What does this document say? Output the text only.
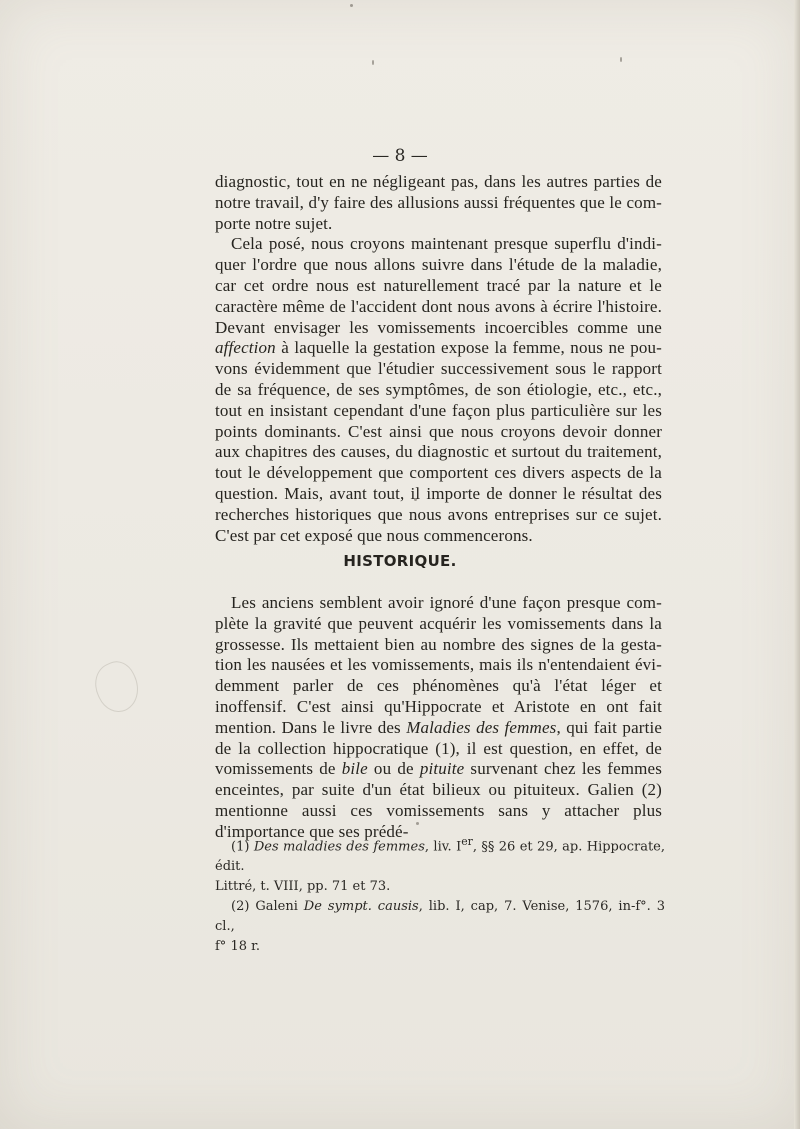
— 8 —

diagnostic, tout en ne négligeant pas, dans les autres parties de notre travail, d'y faire des allusions aussi fréquentes que le com- porte notre sujet.

Cela posé, nous croyons maintenant presque superflu d'indi- quer l'ordre que nous allons suivre dans l'étude de la maladie, car cet ordre nous est naturellement tracé par la nature et le caractère même de l'accident dont nous avons à écrire l'histoire. Devant envisager les vomissements incoercibles comme une affection à laquelle la gestation expose la femme, nous ne pou- vons évidemment que l'étudier successivement sous le rapport de sa fréquence, de ses symptômes, de son étiologie, etc., etc., tout en insistant cependant d'une façon plus particulière sur les points dominants. C'est ainsi que nous croyons devoir donner aux chapitres des causes, du diagnostic et surtout du traitement, tout le développement que comportent ces divers aspects de la question. Mais, avant tout, il importe de donner le résultat des recherches historiques que nous avons entreprises sur ce sujet. C'est par cet exposé que nous commencerons.

HISTORIQUE.

Les anciens semblent avoir ignoré d'une façon presque com- plète la gravité que peuvent acquérir les vomissements dans la grossesse. Ils mettaient bien au nombre des signes de la gesta- tion les nausées et les vomissements, mais ils n'entendaient évi- demment parler de ces phénomènes qu'à l'état léger et inoffensif. C'est ainsi qu'Hippocrate et Aristote en ont fait mention. Dans le livre des Maladies des femmes, qui fait partie de la collection hippocratique (1), il est question, en effet, de vomissements de bile ou de pituite survenant chez les femmes enceintes, par suite d'un état bilieux ou pituiteux. Galien (2) mentionne aussi ces vomissements sans y attacher plus d'importance que ses prédé-

(1) Des maladies des femmes, liv. Ier, §§ 26 et 29, ap. Hippocrate, édit.
Littré, t. VIII, pp. 71 et 73.

(2) Galeni De sympt. causis, lib. I, cap, 7. Venise, 1576, in-f°. 3 cl.,
f° 18 r.
